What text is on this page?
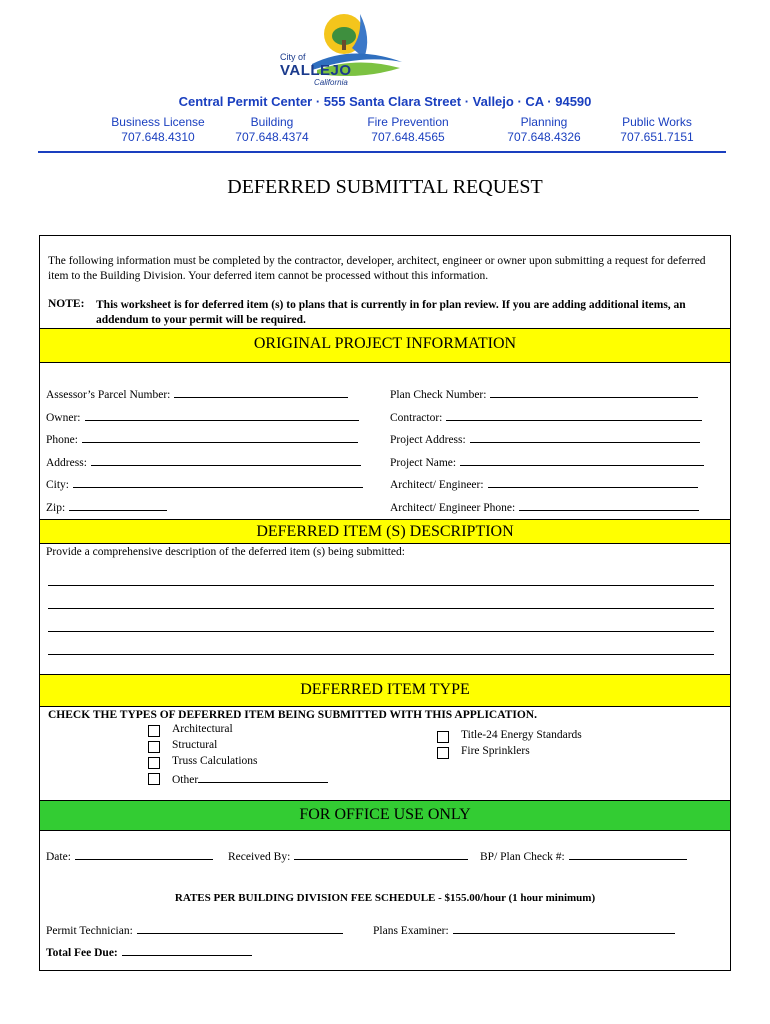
City of
VALLEJO
California
Central Permit Center · 555 Santa Clara Street · Vallejo · CA · 94590
Business License
707.648.4310
Building
707.648.4374
Fire Prevention
707.648.4565
Planning
707.648.4326
Public Works
707.651.7151
DEFERRED SUBMITTAL REQUEST
The following information must be completed by the contractor, developer, architect, engineer or owner upon submitting a request for deferred item to the Building Division. Your deferred item cannot be processed without this information.
NOTE: This worksheet is for deferred item (s) to plans that is currently in for plan review. If you are adding additional items, an addendum to your permit will be required.
ORIGINAL PROJECT INFORMATION
Assessor’s Parcel Number:
Owner:
Phone:
Address:
City:
Zip:
Plan Check Number:
Contractor:
Project Address:
Project Name:
Architect/ Engineer:
Architect/ Engineer Phone:
DEFERRED ITEM (S) DESCRIPTION
Provide a comprehensive description of the deferred item (s) being submitted:
DEFERRED ITEM TYPE
CHECK THE TYPES OF DEFERRED ITEM BEING SUBMITTED WITH THIS APPLICATION.
Architectural
Structural
Truss Calculations
Other
Title-24 Energy Standards
Fire Sprinklers
FOR OFFICE USE ONLY
Date:	Received By:	BP/ Plan Check #:
RATES PER BUILDING DIVISION FEE SCHEDULE - $155.00/hour (1 hour minimum)
Permit Technician:	Plans Examiner:
Total Fee Due:
